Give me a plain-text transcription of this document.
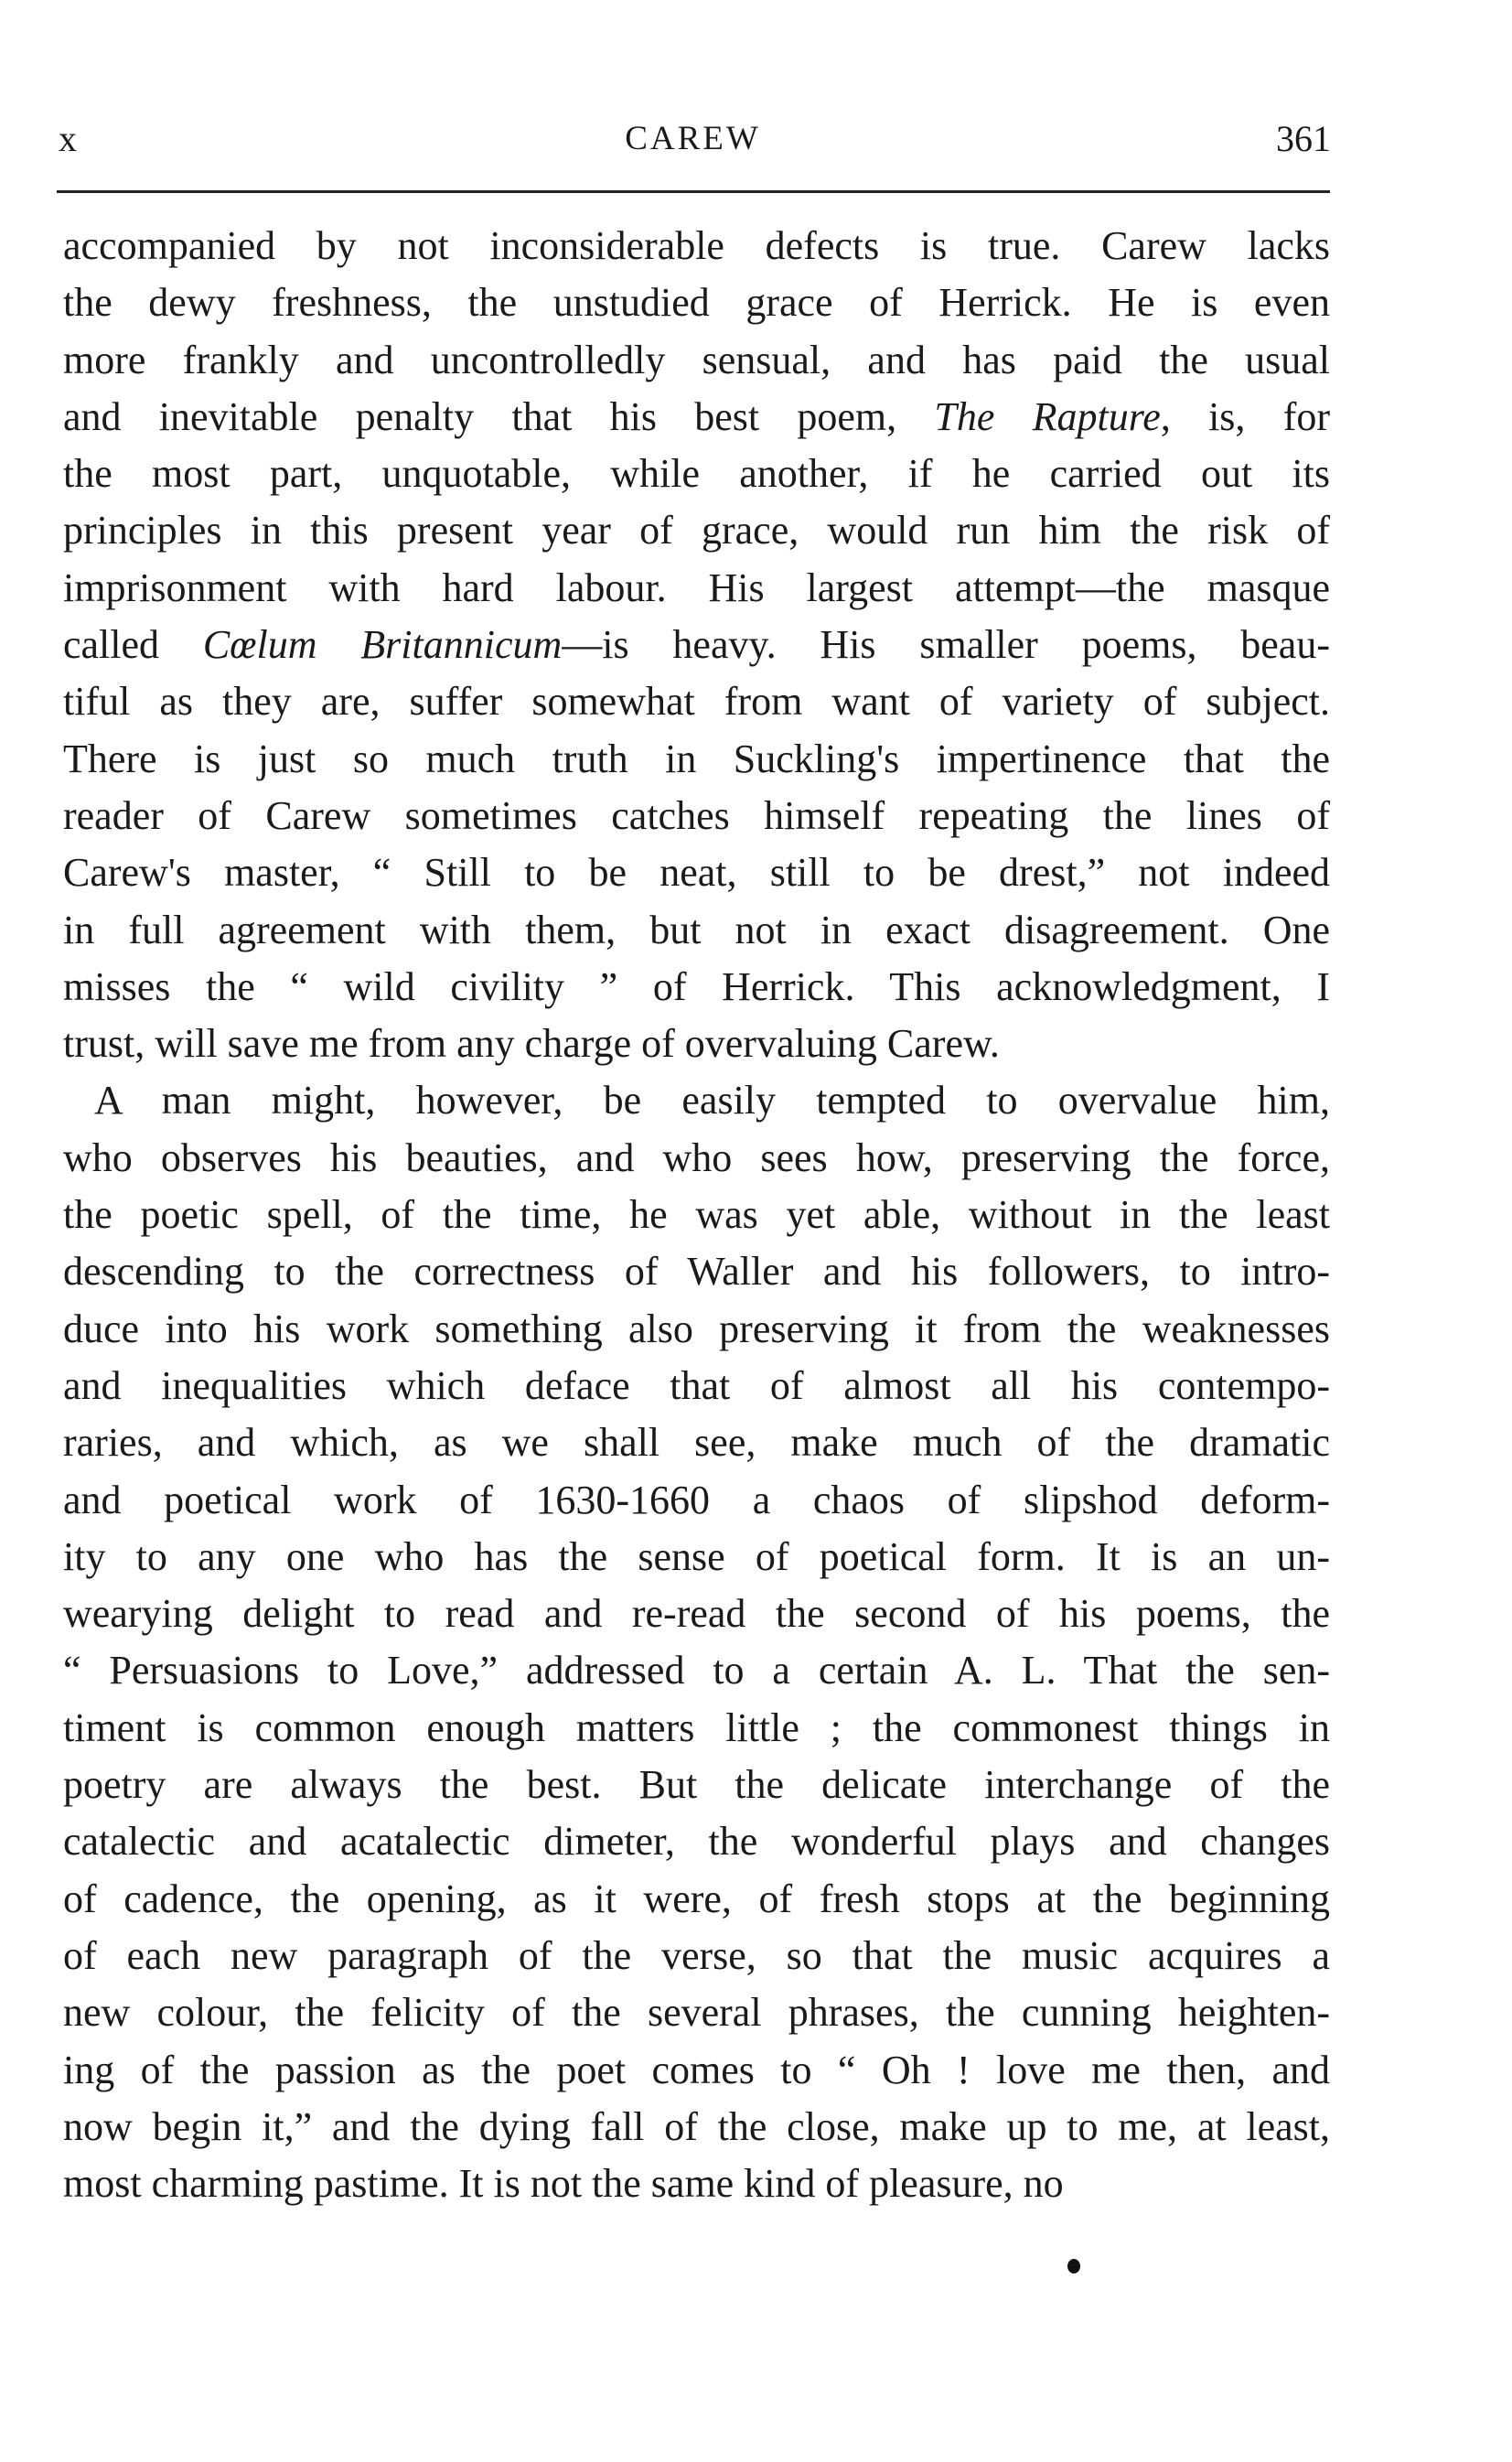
x	CAREW	361
accompanied by not inconsiderable defects is true. Carew lacks
the dewy freshness, the unstudied grace of Herrick. He is even
more frankly and uncontrolledly sensual, and has paid the usual
and inevitable penalty that his best poem, The Rapture, is, for
the most part, unquotable, while another, if he carried out its
principles in this present year of grace, would run him the risk of
imprisonment with hard labour. His largest attempt—the masque
called Cœlum Britannicum—is heavy. His smaller poems, beau-
tiful as they are, suffer somewhat from want of variety of subject.
There is just so much truth in Suckling's impertinence that the
reader of Carew sometimes catches himself repeating the lines of
Carew's master, “ Still to be neat, still to be drest,” not indeed
in full agreement with them, but not in exact disagreement. One
misses the “ wild civility ” of Herrick. This acknowledgment, I
trust, will save me from any charge of overvaluing Carew.
A man might, however, be easily tempted to overvalue him,
who observes his beauties, and who sees how, preserving the force,
the poetic spell, of the time, he was yet able, without in the least
descending to the correctness of Waller and his followers, to intro-
duce into his work something also preserving it from the weaknesses
and inequalities which deface that of almost all his contempo-
raries, and which, as we shall see, make much of the dramatic
and poetical work of 1630-1660 a chaos of slipshod deform-
ity to any one who has the sense of poetical form. It is an un-
wearying delight to read and re-read the second of his poems, the
“ Persuasions to Love,” addressed to a certain A. L. That the sen-
timent is common enough matters little ; the commonest things in
poetry are always the best. But the delicate interchange of the
catalectic and acatalectic dimeter, the wonderful plays and changes
of cadence, the opening, as it were, of fresh stops at the beginning
of each new paragraph of the verse, so that the music acquires a
new colour, the felicity of the several phrases, the cunning heighten-
ing of the passion as the poet comes to “ Oh ! love me then, and
now begin it,” and the dying fall of the close, make up to me, at least,
most charming pastime. It is not the same kind of pleasure, no
